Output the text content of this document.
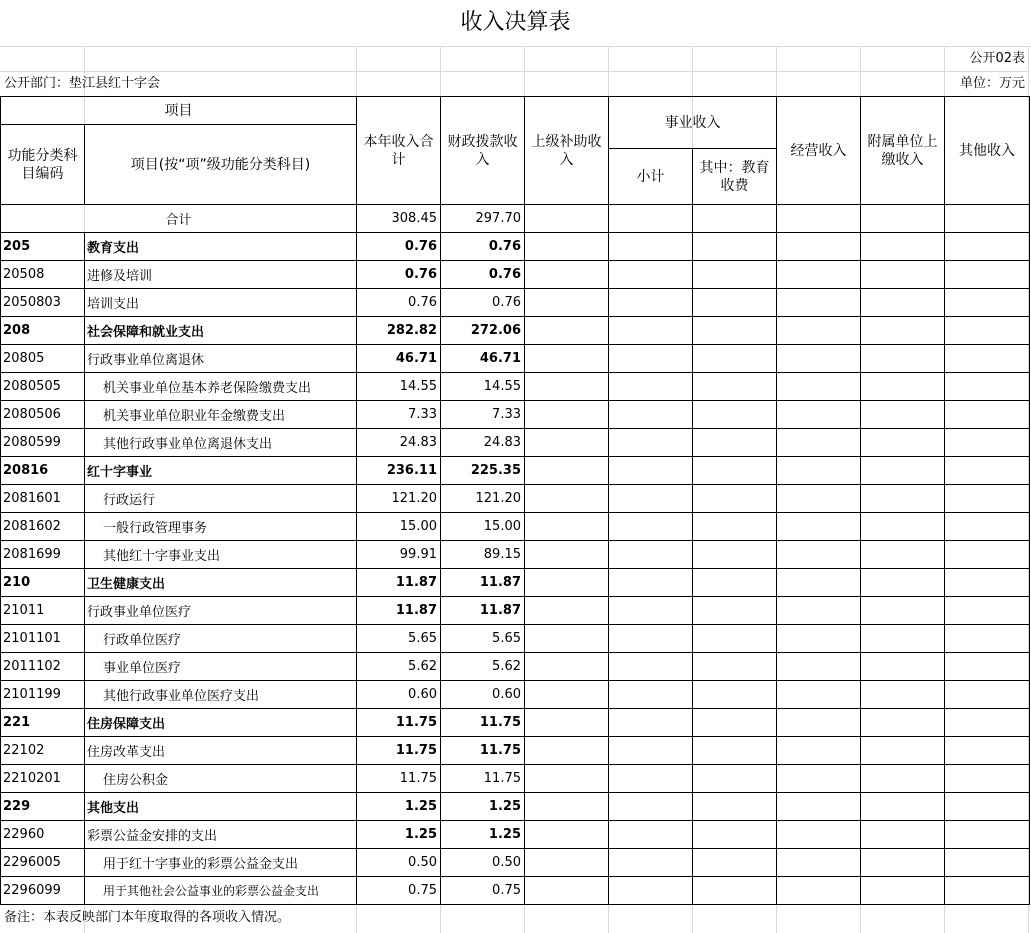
收入决算表
公开02表
公开部门：垫江县红十字会	单位：万元
项目		本年收入合计	财政拨款收入	上级补助收入	事业收入		经营收入	附属单位上缴收入	其他收入
功能分类科目编码	项目(按“项”级功能分类科目)								
					小计	其中：教育收费			
合计		308.45	297.70						
205	教育支出	0.76	0.76						
20508	进修及培训	0.76	0.76						
2050803	培训支出	0.76	0.76						
208	社会保障和就业支出	282.82	272.06						
20805	行政事业单位离退休	46.71	46.71						
2080505	机关事业单位基本养老保险缴费支出	14.55	14.55						
2080506	机关事业单位职业年金缴费支出	7.33	7.33						
2080599	其他行政事业单位离退休支出	24.83	24.83						
20816	红十字事业	236.11	225.35						
2081601	行政运行	121.20	121.20						
2081602	一般行政管理事务	15.00	15.00						
2081699	其他红十字事业支出	99.91	89.15						
210	卫生健康支出	11.87	11.87						
21011	行政事业单位医疗	11.87	11.87						
2101101	行政单位医疗	5.65	5.65						
2011102	事业单位医疗	5.62	5.62						
2101199	其他行政事业单位医疗支出	0.60	0.60						
221	住房保障支出	11.75	11.75						
22102	住房改革支出	11.75	11.75						
2210201	住房公积金	11.75	11.75						
229	其他支出	1.25	1.25						
22960	彩票公益金安排的支出	1.25	1.25						
2296005	用于红十字事业的彩票公益金支出	0.50	0.50						
2296099	用于其他社会公益事业的彩票公益金支出	0.75	0.75						
备注：本表反映部门本年度取得的各项收入情况。
